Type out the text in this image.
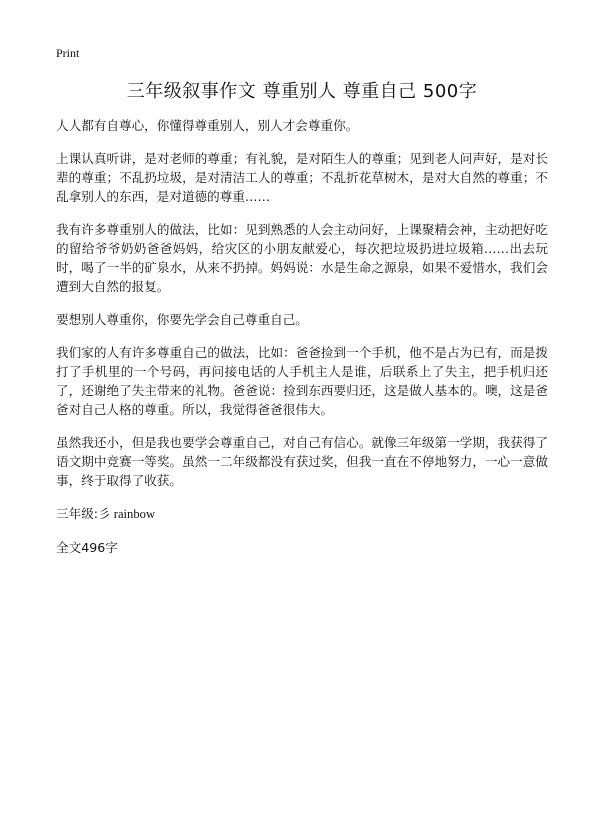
Print
三年级叙事作文 尊重别人 尊重自己 500字

人人都有自尊心，你懂得尊重别人，别人才会尊重你。

上课认真听讲，是对老师的尊重；有礼貌，是对陌生人的尊重；见到老人问声好，是对长辈的尊重；不乱扔垃圾，是对清洁工人的尊重；不乱折花草树木，是对大自然的尊重；不乱拿别人的东西，是对道德的尊重……

我有许多尊重别人的做法，比如：见到熟悉的人会主动问好，上课聚精会神，主动把好吃的留给爷爷奶奶爸爸妈妈，给灾区的小朋友献爱心，每次把垃圾扔进垃圾箱……出去玩时，喝了一半的矿泉水，从来不扔掉。妈妈说：水是生命之源泉，如果不爱惜水，我们会遭到大自然的报复。

要想别人尊重你，你要先学会自己尊重自己。

我们家的人有许多尊重自己的做法，比如：爸爸捡到一个手机，他不是占为已有，而是拨打了手机里的一个号码，再问接电话的人手机主人是谁，后联系上了失主，把手机归还了，还谢绝了失主带来的礼物。爸爸说：捡到东西要归还，这是做人基本的。噢，这是爸爸对自己人格的尊重。所以，我觉得爸爸很伟大。

虽然我还小，但是我也要学会尊重自己，对自己有信心。就像三年级第一学期，我获得了语文期中竞赛一等奖。虽然一二年级都没有获过奖，但我一直在不停地努力，一心一意做事，终于取得了收获。

三年级:彡 rainbow
全文496字
